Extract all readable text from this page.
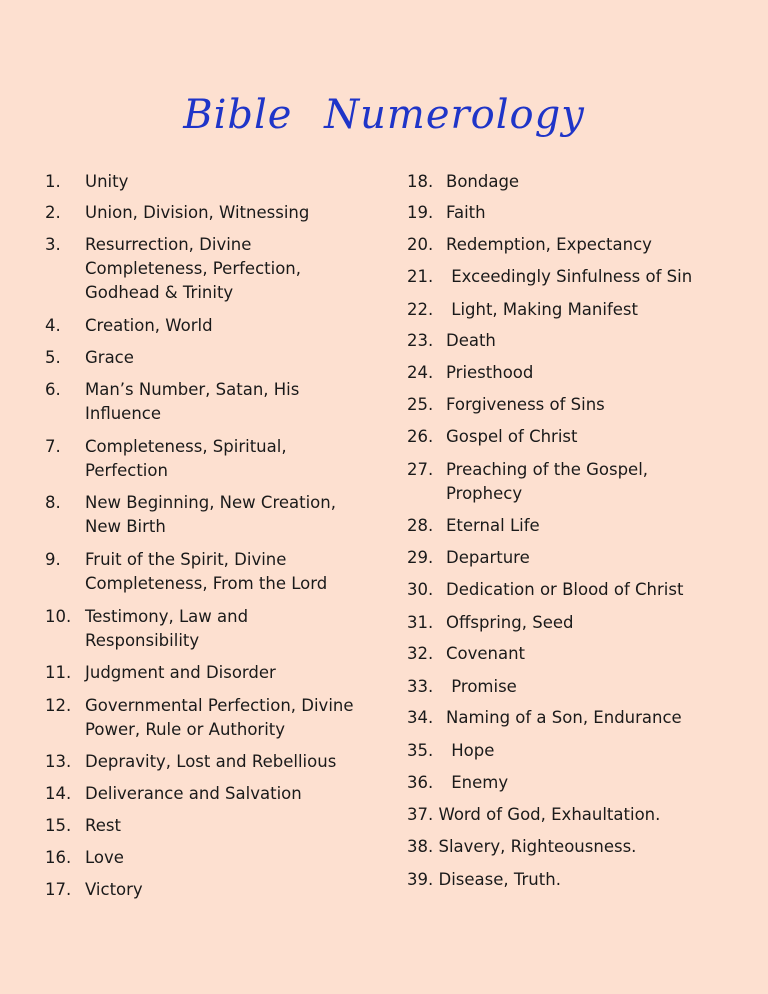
Bible Numerology
1. Unity
2. Union, Division, Witnessing
3. Resurrection, Divine
Completeness, Perfection,
Godhead & Trinity
4. Creation, World
5. Grace
6. Man’s Number, Satan, His
Influence
7. Completeness, Spiritual,
Perfection
8. New Beginning, New Creation,
New Birth
9. Fruit of the Spirit, Divine
Completeness, From the Lord
10. Testimony, Law and
Responsibility
11. Judgment and Disorder
12. Governmental Perfection, Divine
Power, Rule or Authority
13. Depravity, Lost and Rebellious
14. Deliverance and Salvation
15. Rest
16. Love
17. Victory
18. Bondage
19. Faith
20. Redemption, Expectancy
21. Exceedingly Sinfulness of Sin
22. Light, Making Manifest
23. Death
24. Priesthood
25. Forgiveness of Sins
26. Gospel of Christ
27. Preaching of the Gospel,
Prophecy
28. Eternal Life
29. Departure
30. Dedication or Blood of Christ
31. Offspring, Seed
32. Covenant
33. Promise
34. Naming of a Son, Endurance
35. Hope
36. Enemy
37. Word of God, Exhaultation.
38. Slavery, Righteousness.
39. Disease, Truth.
